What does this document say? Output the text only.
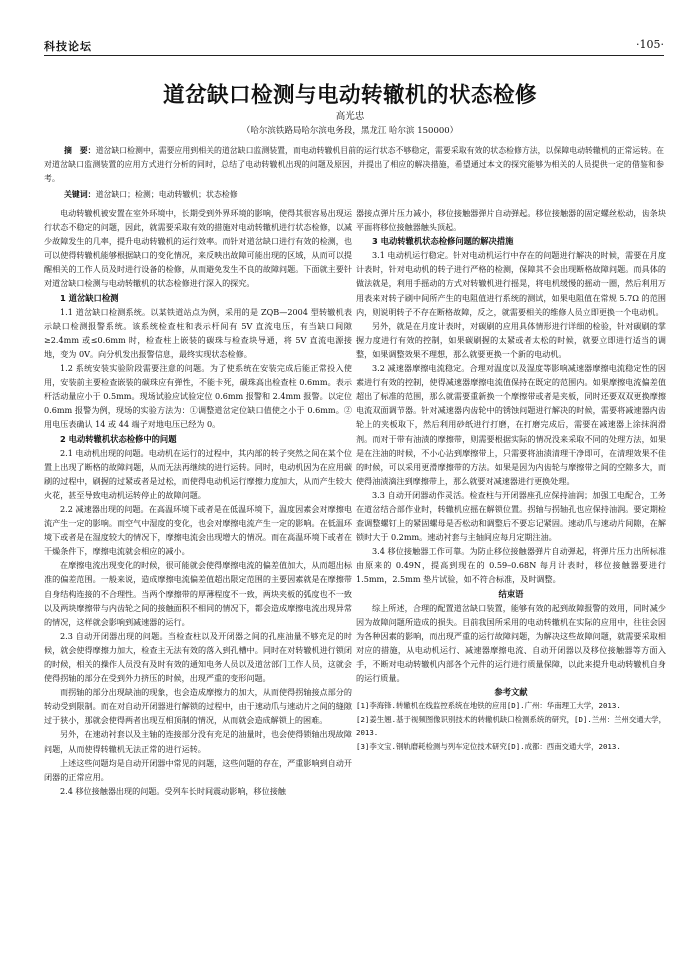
科技论坛	·105·
道岔缺口检测与电动转辙机的状态检修
高光忠
（哈尔滨铁路局哈尔滨电务段，黑龙江 哈尔滨 150000）

摘　要：道岔缺口检测中，需要应用到相关的道岔缺口监测装置，而电动转辙机目前的运行状态不够稳定，需要采取有效的状态检修方法，以保障电动转辙机的正常运转。在对道岔缺口监测装置的应用方式进行分析的同时，总结了电动转辙机出现的问题及原因，并提出了相应的解决措施，希望通过本文的探究能够为相关的人员提供一定的借鉴和参考。

关键词：道岔缺口；检测；电动转辙机；状态检修

电动转辙机被安置在室外环境中，长期受到外界环境的影响，使得其很容易出现运行状态不稳定的问题，因此，就需要采取有效的措施对电动转辙机进行状态检修，以减少故障发生的几率，提升电动转辙机的运行效率。而针对道岔缺口进行有效的检测，也可以使得转辙机能够根据缺口的变化情况，来反映出故障可能出现的区域，从而可以提醒相关的工作人员及时进行设备的检修，从而避免发生不良的故障问题。下面就主要针对道岔缺口检测与电动转辙机的状态检修进行深入的探究。

1 道岔缺口检测

1.1 道岔缺口检测系统。以某铁道站点为例，采用的是 ZQB—2004 型转辙机表示缺口检测报警系统。该系统检查柱和表示杆间有 5V 直流电压，有当缺口间隙≥2.4mm 或≤0.6mm 时，检查柱上嵌装的碳珠与检查块导通，将 5V 直流电源接地，变为 0V。向分机发出报警信息，最终实现状态检修。

1.2 系统安装实验阶段需要注意的问题。为了使系统在安装完成后能正常投入使用，安装前主要检查嵌装的碳珠应有弹性，不能卡死，碳珠高出检查柱 0.6mm。表示杆活动量应小于 0.5mm。现场试验应试验定位 0.6mm 报警和 2.4mm 报警。以定位 0.6mm 报警为例，现场的实验方法为：①调整道岔定位缺口值使之小于 0.6mm。②用电压表确认 14 或 44 端子对地电压已经为 0。

2 电动转辙机状态检修中的问题

2.1 电动机出现的问题。电动机在运行的过程中，其内部的转子突然之间在某个位置上出现了断格的故障问题，从而无法再继续的进行运转。同时，电动机因为在应用碳刷的过程中，刷握的过紧或者是过松，而使得电动机运行摩擦力度加大，从而产生较大火花，甚至导致电动机运转停止的故障问题。

2.2 减速器出现的问题。在高温环境下或者是在低温环境下，温度因素会对摩擦电流产生一定的影响。而空气中湿度的变化，也会对摩擦电流产生一定的影响。在低温环境下或者是在湿度较大的情况下，摩擦电流会出现增大的情况。而在高温环境下或者在干燥条件下，摩擦电流就会相应的减小。

在摩擦电流出现变化的时候，很可能就会使得摩擦电流的偏差值加大，从而超出标准的偏差范围。一般来说，造成摩擦电流偏差值超出限定范围的主要因素就是在摩擦带自身结构连接的不合理性。当两个摩擦带的厚薄程度不一致，两块夹板的弧度也不一致以及两块摩擦带与内齿轮之间的接触面积不相同的情况下，都会造成摩擦电流出现异常的情况，这样就会影响到减速器的运行。

2.3 自动开闭器出现的问题。当检查柱以及开闭器之间的孔座油量不够充足的时候，就会使得摩擦力加大，检查主无法有效的落入到孔槽中。同时在对转辙机进行锁闭的时候，相关的操作人员没有及时有效的通知电务人员以及道岔部门工作人员，这就会使得拐轴的部分在受到外力挤压的时候，出现严重的变形问题。

而拐轴的部分出现缺油的现象，也会造成摩擦力的加大，从而使得拐轴接点部分的转动受到限制。而在对自动开闭器进行解锁的过程中，由于速动爪与速动片之间的缝隙过于狭小，那就会使得两者出现互相顶制的情况，从而就会造成解锁上的困难。

另外，在速动衬套以及主轴的连接部分没有充足的油量时，也会使得锁轴出现故障问题，从而使得转辙机无法正常的进行运转。

上述这些问题均是自动开闭器中常见的问题，这些问题的存在，严重影响到自动开闭器的正常应用。

2.4 移位接触器出现的问题。受列车长时间震动影响，移位接触

器接点弹片压力减小，移位接触器弹片自动弹起。移位接触器的固定螺丝松动，齿条块平面将移位接触器触头顶起。

3 电动转辙机状态检修问题的解决措施

3.1 电动机运行稳定。针对电动机运行中存在的问题进行解决的时候，需要在月度计表时，针对电动机的转子进行严格的检测，保障其不会出现断格故障问题。而具体的做法就是，利用手摇动的方式对转辙机进行摇晃，将电机缓慢的摇动一圈，然后利用万用表来对转子刷中间所产生的电阻值进行系统的测试，如果电阻值在常规 5.7Ω 的范围内，则说明转子不存在断格故障，反之，就需要相关的维修人员立即更换一个电动机。

另外，就是在月度计表时，对碳刷的应用具体情形进行详细的检验，针对碳刷的掌握力度进行有效的控制，如果碳刷握的太紧或者太松的时候，就要立即进行适当的调整，如果调整效果不理想，那么就要更换一个新的电动机。

3.2 减速器摩擦电流稳定。合理对温度以及湿度等影响减速器摩擦电流稳定性的因素进行有效的控制，使得减速器摩擦电流值保持在既定的范围内。如果摩擦电流偏差值超出了标准的范围，那么就需要重新换一个摩擦带或者是夹板，同时还要双双更换摩擦电流双面调节器。针对减速器内齿轮中的锈蚀问题进行解决的时候，需要将减速器内齿轮上的夹板取下，然后利用砂纸进行打磨，在打磨完成后，需要在减速器上涂抹润滑剂。而对于带有油渍的摩擦带，则需要根据实际的情况没来采取不同的处理方法，如果是在注油的时候，不小心沾到摩擦带上，只需要将油渍清理干净即可，在清理效果不佳的时候，可以采用更滑摩擦带的方法。如果是因为内齿轮与摩擦带之间的空隙多大，而使得油渍滴注到摩擦带上，那么就要对减速器进行更换处理。

3.3 自动开闭器动作灵活。检查柱与开闭器座孔应保持油润；加强工电配合，工务在道岔结合部作业时，转辙机应摇在解锁位置。拐轴与拐轴孔也应保持油润。要定期检查调整螺钉上的紧固螺母是否松动和调整后不要忘记紧固。速动爪与速动片间隙，在解锁时大于 0.2mm。速动衬套与主轴间应每月定期注油。

3.4 移位接触器工作可靠。为防止移位接触器弹片自动弹起，将弹片压力出所标准由原来的 0.49N，提高到现在的 0.59–0.68N 每月计表时，移位接触器要进行 1.5mm，2.5mm 垫片试验，如不符合标准，及时调整。

结束语

综上所述，合理的配置道岔缺口装置，能够有效的起到故障报警的效用，同时减少因为故障问题所造成的损失。目前我国所采用的电动转辙机在实际的应用中，往往会因为各种因素的影响，而出现严重的运行故障问题，为解决这些故障问题，就需要采取相对应的措施，从电动机运行、减速器摩擦电流、自动开闭器以及移位接触器等方面入手，不断对电动转辙机内部各个元件的运行进行质量保障，以此来提升电动转辙机自身的运行质量。

参考文献

[1]李海锋.转辙机在线监控系统在地铁的应用[D].广州：华南理工大学，2013.

[2]姜生翘.基于视频图像识别技术的转辙机缺口检测系统的研究，[D].兰州：兰州交通大学，2013.

[3]李文宝.钢轨磨耗检测与列车定位技术研究[D].成都：西南交通大学，2013.
